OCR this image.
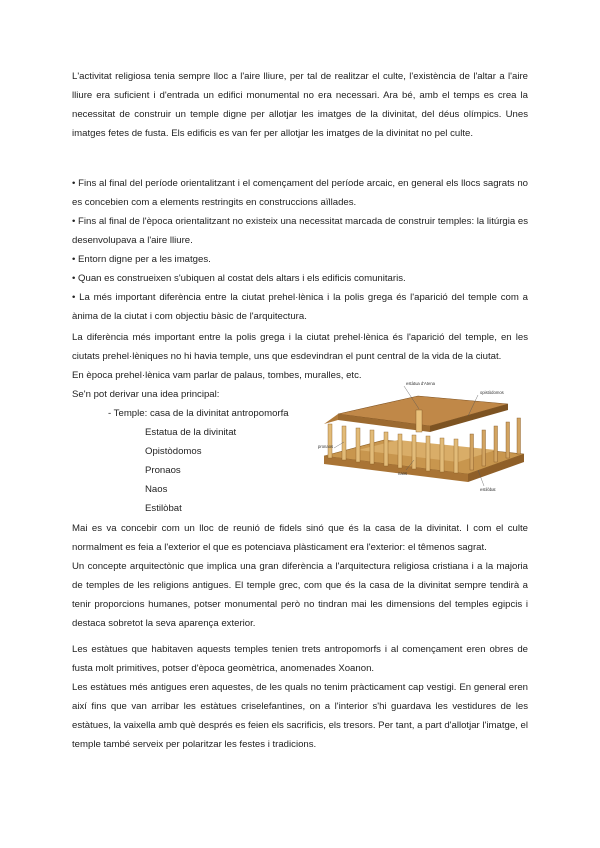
L'activitat religiosa tenia sempre lloc a l'aire lliure, per tal de realitzar el culte, l'existència de l'altar a l'aire lliure era suficient i d'entrada un edifici monumental no era necessari. Ara bé, amb el temps es crea la necessitat de construir un temple digne per allotjar les imatges de la divinitat, del déus olímpics. Unes imatges fetes de fusta. Els edificis es van fer per allotjar les imatges de la divinitat no pel culte.

• Fins al final del període orientalitzant i el començament del període arcaic, en general els llocs sagrats no es concebien com a elements restringits en construccions aïllades.

• Fins al final de l'època orientalitzant no existeix una necessitat marcada de construir temples: la litúrgia es desenvolupava a l'aire lliure.

• Entorn digne per a les imatges.

• Quan es construeixen s'ubiquen al costat dels altars i els edificis comunitaris.

• La més important diferència entre la ciutat prehel·lènica i la polis grega és l'aparició del temple com a ànima de la ciutat i com objectiu bàsic de l'arquitectura.

La diferència més important entre la polis grega i la ciutat prehel·lènica és l'aparició del temple, en les ciutats prehel·lèniques no hi havia temple, uns que esdevindran el punt central de la vida de la ciutat.

En època prehel·lènica vam parlar de palaus, tombes, muralles, etc.

Se'n pot derivar una idea principal:

- Temple: casa de la divinitat antropomorfa

Estatua de la divinitat

Opistòdomos

Pronaos

Naos

Estilòbat

estàtua d'Atena
opistòdomos
pronaos
naos
estilòbat

Mai es va concebir com un lloc de reunió de fidels sinó que és la casa de la divinitat. I com el culte normalment es feia a l'exterior el que es potenciava plàsticament era l'exterior: el têmenos sagrat.

Un concepte arquitectònic que implica una gran diferència a l'arquitectura religiosa cristiana i a la majoria de temples de les religions antigues. El temple grec, com que és la casa de la divinitat sempre tendirà a tenir proporcions humanes, potser monumental però no tindran mai les dimensions del temples egipcis i destaca sobretot la seva aparença exterior.

Les estàtues que habitaven aquests temples tenien trets antropomorfs i al començament eren obres de fusta molt primitives, potser d'època geomètrica, anomenades Xoanon.

Les estàtues més antigues eren aquestes, de les quals no tenim pràcticament cap vestigi. En general eren així fins que van arribar les estàtues criselefantines, on a l'interior s'hi guardava les vestidures de les estàtues, la vaixella amb què després es feien els sacrificis, els tresors. Per tant, a part d'allotjar l'imatge, el temple també serveix per polaritzar les festes i tradicions.
